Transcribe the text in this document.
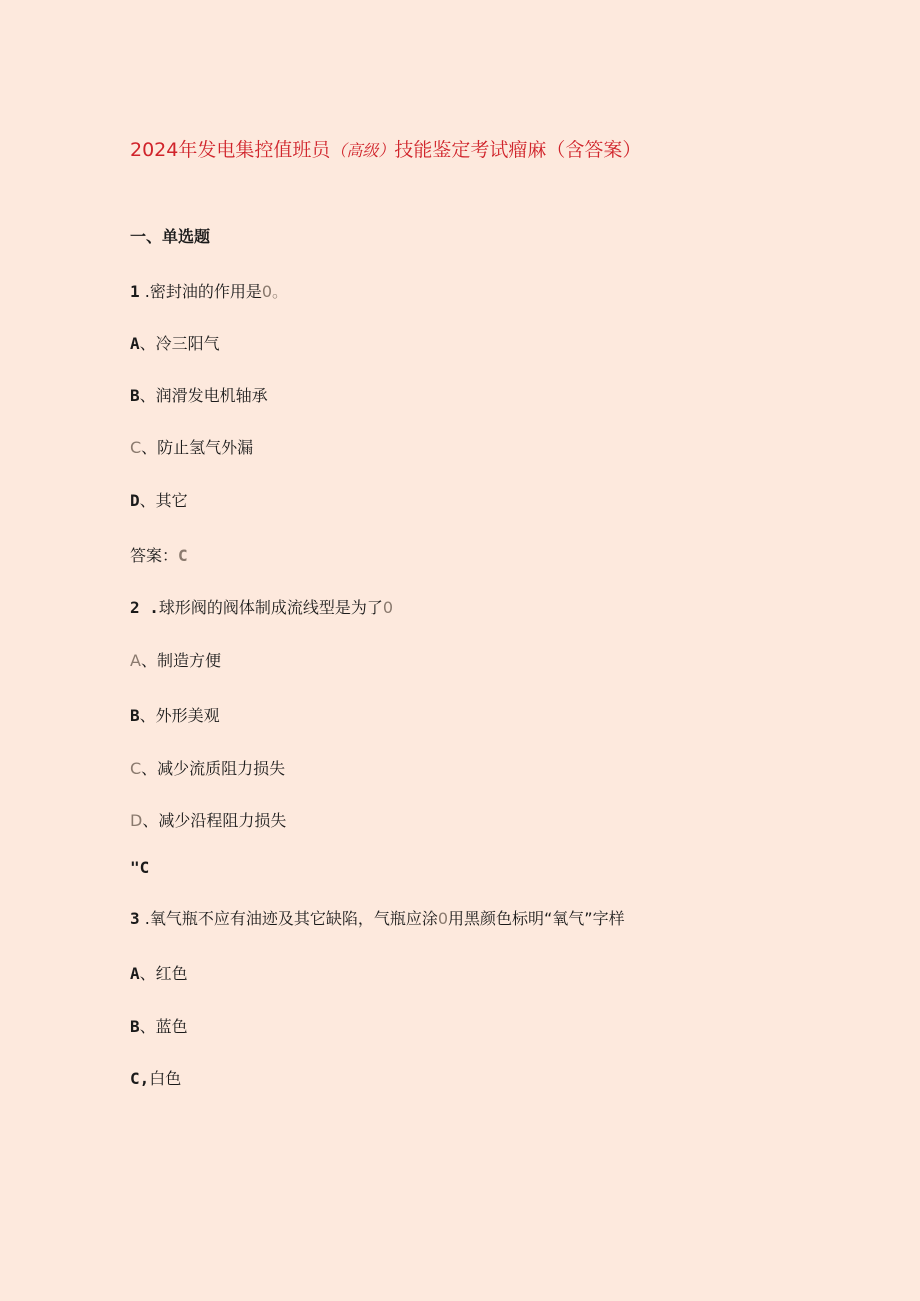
2024年发电集控值班员（高级）技能鉴定考试瘤麻（含答案）
一、单选题
1 .密封油的作用是0。
A、冷三阳气
B、润滑发电机轴承
C、防止氢气外漏
D、其它
答案：C
2 .球形阀的阀体制成流线型是为了0
A、制造方便
B、外形美观
C、减少流质阻力损失
D、减少沿程阻力损失
"C
3 .氧气瓶不应有油迹及其它缺陷，气瓶应涂0用黑颜色标明“氧气”字样
A、红色
B、蓝色
C,白色
